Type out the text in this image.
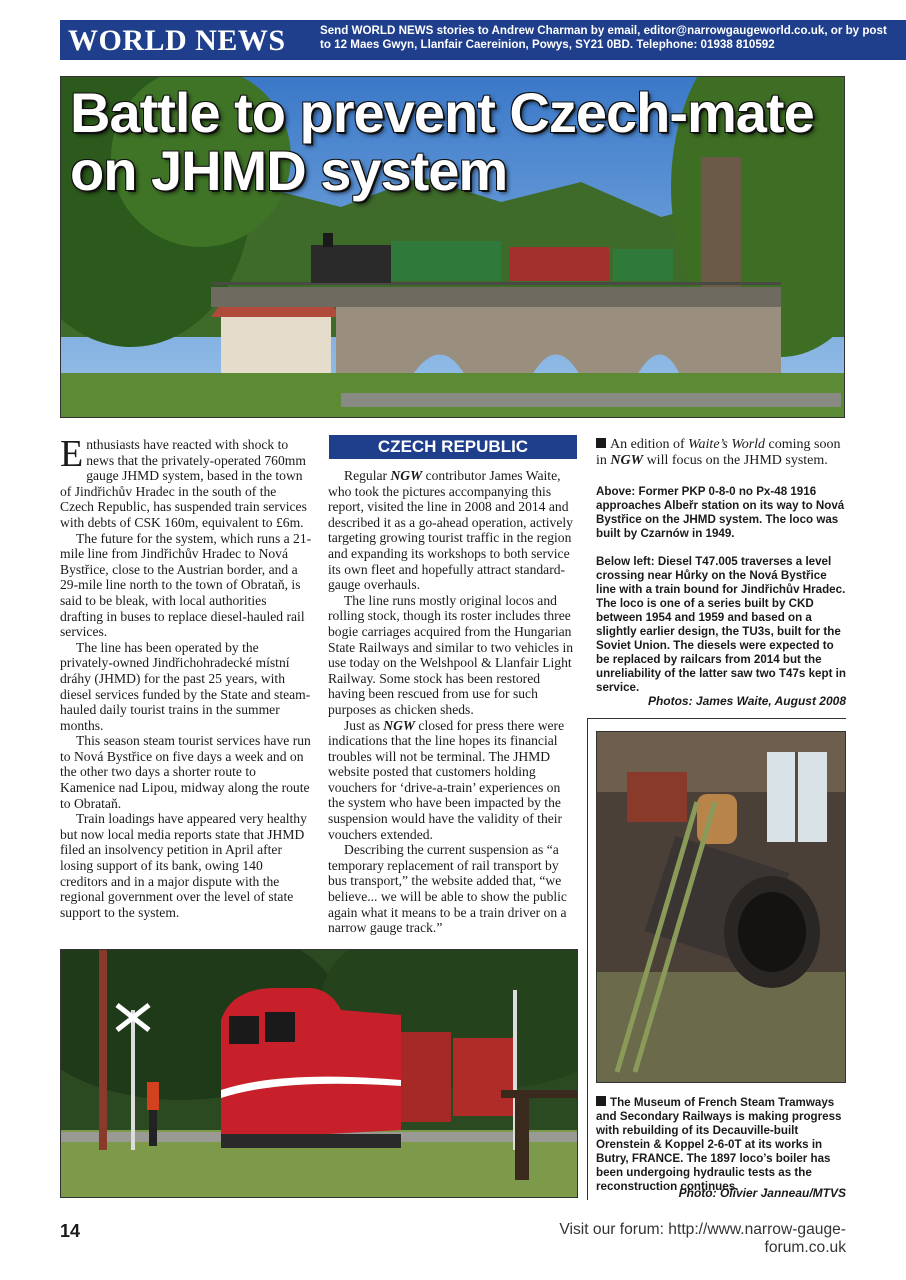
WORLD NEWS	Send WORLD NEWS stories to Andrew Charman by email, editor@narrowgaugeworld.co.uk, or by post to 12 Maes Gwyn, Llanfair Caereinion, Powys, SY21 0BD. Telephone: 01938 810592
Battle to prevent Czech-mate on JHMD system

Enthusiasts have reacted with shock to news that the privately-operated 760mm gauge JHMD system, based in the town of Jindřichův Hradec in the south of the Czech Republic, has suspended train services with debts of CSK 160m, equivalent to £6m.

The future for the system, which runs a 21-mile line from Jindřichův Hradec to Nová Bystřice, close to the Austrian border, and a 29-mile line north to the town of Obrataň, is said to be bleak, with local authorities drafting in buses to replace diesel-hauled rail services.

The line has been operated by the privately-owned Jindřichohradecké místní dráhy (JHMD) for the past 25 years, with diesel services funded by the State and steam-hauled daily tourist trains in the summer months.

This season steam tourist services have run to Nová Bystřice on five days a week and on the other two days a shorter route to Kamenice nad Lipou, midway along the route to Obrataň.

Train loadings have appeared very healthy but now local media reports state that JHMD filed an insolvency petition in April after losing support of its bank, owing 140 creditors and in a major dispute with the regional government over the level of state support to the system.

CZECH REPUBLIC

Regular NGW contributor James Waite, who took the pictures accompanying this report, visited the line in 2008 and 2014 and described it as a go-ahead operation, actively targeting growing tourist traffic in the region and expanding its workshops to both service its own fleet and hopefully attract standard-gauge overhauls.

The line runs mostly original locos and rolling stock, though its roster includes three bogie carriages acquired from the Hungarian State Railways and similar to two vehicles in use today on the Welshpool & Llanfair Light Railway. Some stock has been restored having been rescued from use for such purposes as chicken sheds.

Just as NGW closed for press there were indications that the line hopes its financial troubles will not be terminal. The JHMD website posted that customers holding vouchers for ‘drive-a-train’ experiences on the system who have been impacted by the suspension would have the validity of their vouchers extended.

Describing the current suspension as “a temporary replacement of rail transport by bus transport,” the website added that, “we believe... we will be able to show the public again what it means to be a train driver on a narrow gauge track.”

An edition of Waite’s World coming soon in NGW will focus on the JHMD system.
Above: Former PKP 0-8-0 no Px-48 1916 approaches Albeřr station on its way to Nová Bystřice on the JHMD system. The loco was built by Czarnów in 1949.
Below left: Diesel T47.005 traverses a level crossing near Hůrky on the Nová Bystřice line with a train bound for Jindřichův Hradec. The loco is one of a series built by CKD between 1954 and 1959 and based on a slightly earlier design, the TU3s, built for the Soviet Union. The diesels were expected to be replaced by railcars from 2014 but the unreliability of the latter saw two T47s kept in service.
Photos: James Waite, August 2008
The Museum of French Steam Tramways and Secondary Railways is making progress with rebuilding of its Decauville-built Orenstein & Koppel 2-6-0T at its works in Butry, FRANCE. The 1897 loco’s boiler has been undergoing hydraulic tests as the reconstruction continues.
Photo: Olivier Janneau/MTVS
14	Visit our forum: http://www.narrow-gauge-forum.co.uk
